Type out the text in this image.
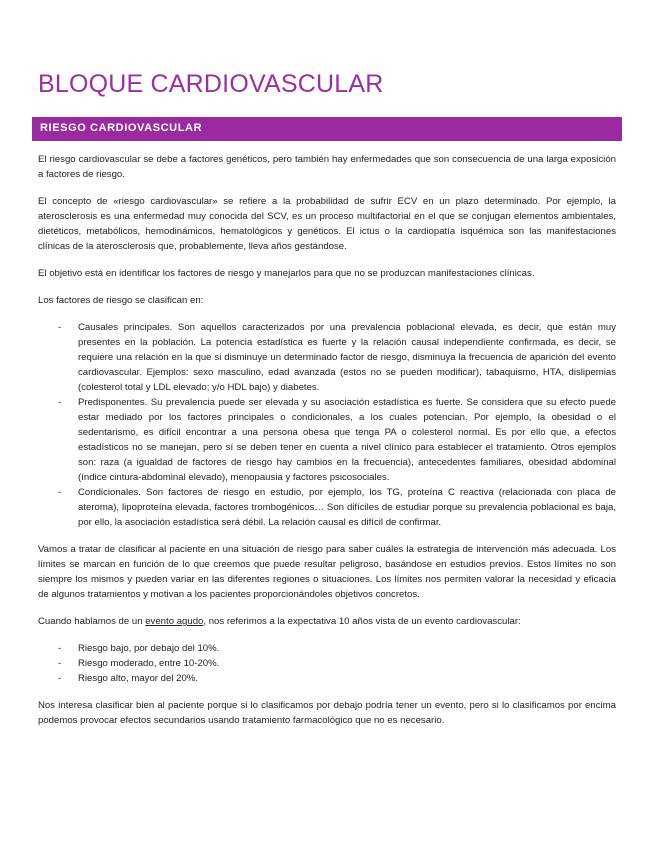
BLOQUE CARDIOVASCULAR
RIESGO CARDIOVASCULAR

El riesgo cardiovascular se debe a factores genéticos, pero también hay enfermedades que son consecuencia de una larga exposición a factores de riesgo.

El concepto de «riesgo cardiovascular» se refiere a la probabilidad de sufrir ECV en un plazo determinado. Por ejemplo, la aterosclerosis es una enfermedad muy conocida del SCV, es un proceso multifactorial en el que se conjugan elementos ambientales, dietéticos, metabólicos, hemodinámicos, hematológicos y genéticos. El ictus o la cardiopatía isquémica son las manifestaciones clínicas de la aterosclerosis que, probablemente, lleva años gestándose.

El objetivo está en identificar los factores de riesgo y manejarlos para que no se produzcan manifestaciones clínicas.

Los factores de riesgo se clasifican en:

- Causales principales. Son aquellos caracterizados por una prevalencia poblacional elevada, es decir, que están muy presentes en la población. La potencia estadística es fuerte y la relación causal independiente confirmada, es decir, se requiere una relación en la que si disminuye un determinado factor de riesgo, disminuya la frecuencia de aparición del evento cardiovascular. Ejemplos: sexo masculino, edad avanzada (estos no se pueden modificar), tabaquismo, HTA, dislipemias (colesterol total y LDL elevado; y/o HDL bajo) y diabetes.
- Predisponentes. Su prevalencia puede ser elevada y su asociación estadística es fuerte. Se considera que su efecto puede estar mediado por los factores principales o condicionales, a los cuales potencian. Por ejemplo, la obesidad o el sedentarismo, es difícil encontrar a una persona obesa que tenga PA o colesterol normal. Es por ello que, a efectos estadísticos no se manejan, pero sí se deben tener en cuenta a nivel clínico para establecer el tratamiento. Otros ejemplos son: raza (a igualdad de factores de riesgo hay cambios en la frecuencia), antecedentes familiares, obesidad abdominal (índice cintura-abdominal elevado), menopausia y factores psicosociales.
- Condicionales. Son factores de riesgo en estudio, por ejemplo, los TG, proteína C reactiva (relacionada con placa de ateroma), lipoproteína elevada, factores trombogénicos… Son difíciles de estudiar porque su prevalencia poblacional es baja, por ello, la asociación estadística será débil. La relación causal es difícil de confirmar.

Vamos a tratar de clasificar al paciente en una situación de riesgo para saber cuáles la estrategia de intervención más adecuada. Los límites se marcan en función de lo que creemos que puede resultar peligroso, basándose en estudios previos. Estos límites no son siempre los mismos y pueden variar en las diferentes regiones o situaciones. Los límites nos permiten valorar la necesidad y eficacia de algunos tratamientos y motivan a los pacientes proporcionándoles objetivos concretos.

Cuando hablamos de un evento agudo, nos referimos a la expectativa 10 años vista de un evento cardiovascular:

- Riesgo bajo, por debajo del 10%.
- Riesgo moderado, entre 10-20%.
- Riesgo alto, mayor del 20%.

Nos interesa clasificar bien al paciente porque si lo clasificamos por debajo podría tener un evento, pero si lo clasificamos por encima podemos provocar efectos secundarios usando tratamiento farmacológico que no es necesario.
